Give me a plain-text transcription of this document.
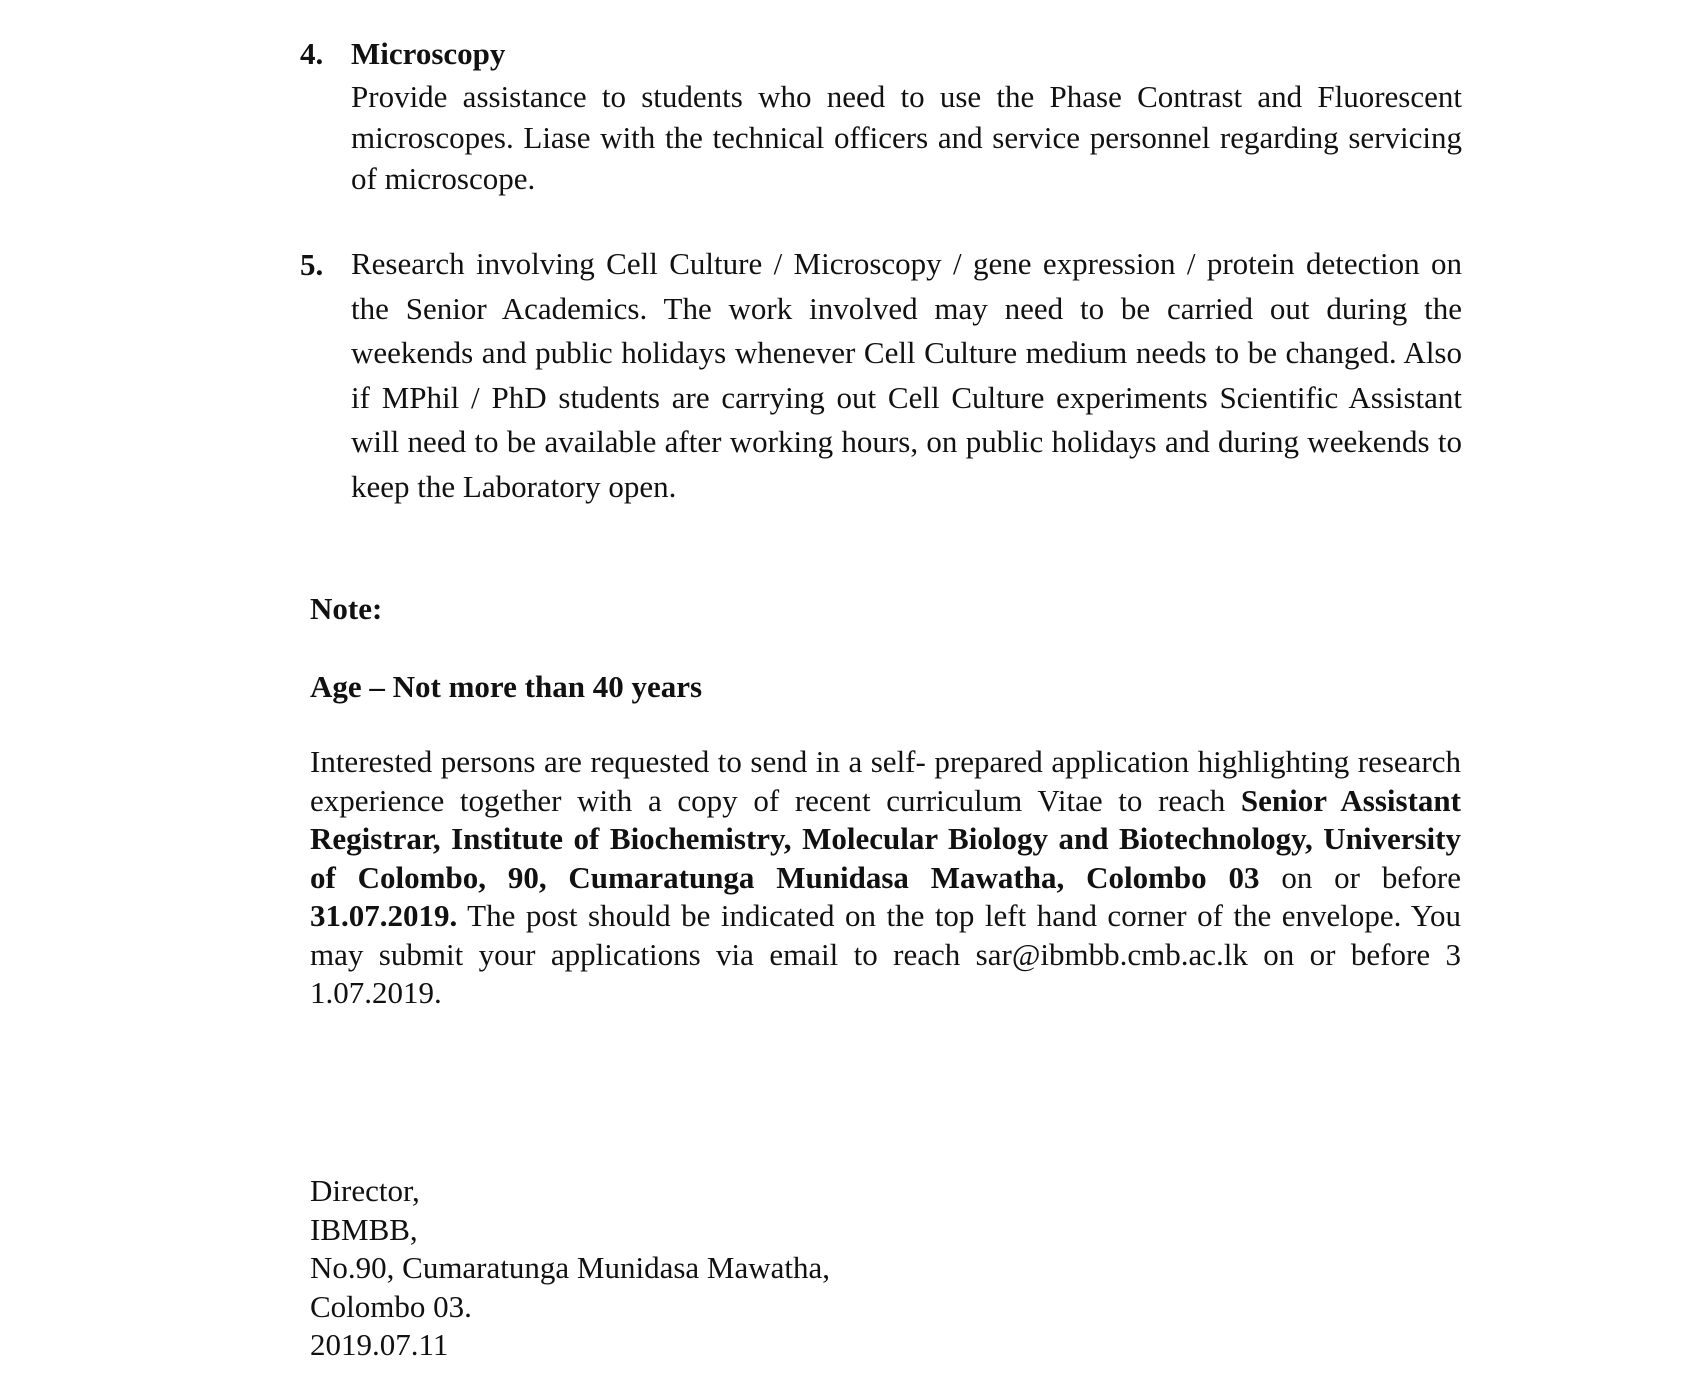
4. Microscopy
Provide assistance to students who need to use the Phase Contrast and Fluorescent microscopes. Liase with the technical officers and service personnel regarding servicing of microscope.
5. Research involving Cell Culture / Microscopy / gene expression / protein detection on the Senior Academics. The work involved may need to be carried out during the weekends and public holidays whenever Cell Culture medium needs to be changed. Also if MPhil / PhD students are carrying out Cell Culture experiments Scientific Assistant will need to be available after working hours, on public holidays and during weekends to keep the Laboratory open.
Note:
Age – Not more than 40 years
Interested persons are requested to send in a self- prepared application highlighting research experience together with a copy of recent curriculum Vitae to reach Senior Assistant Registrar, Institute of Biochemistry, Molecular Biology and Biotechnology, University of Colombo, 90, Cumaratunga Munidasa Mawatha, Colombo 03 on or before 31.07.2019. The post should be indicated on the top left hand corner of the envelope. You may submit your applications via email to reach sar@ibmbb.cmb.ac.lk on or before 3 1.07.2019.
Director,
IBMBB,
No.90, Cumaratunga Munidasa Mawatha,
Colombo 03.
2019.07.11
